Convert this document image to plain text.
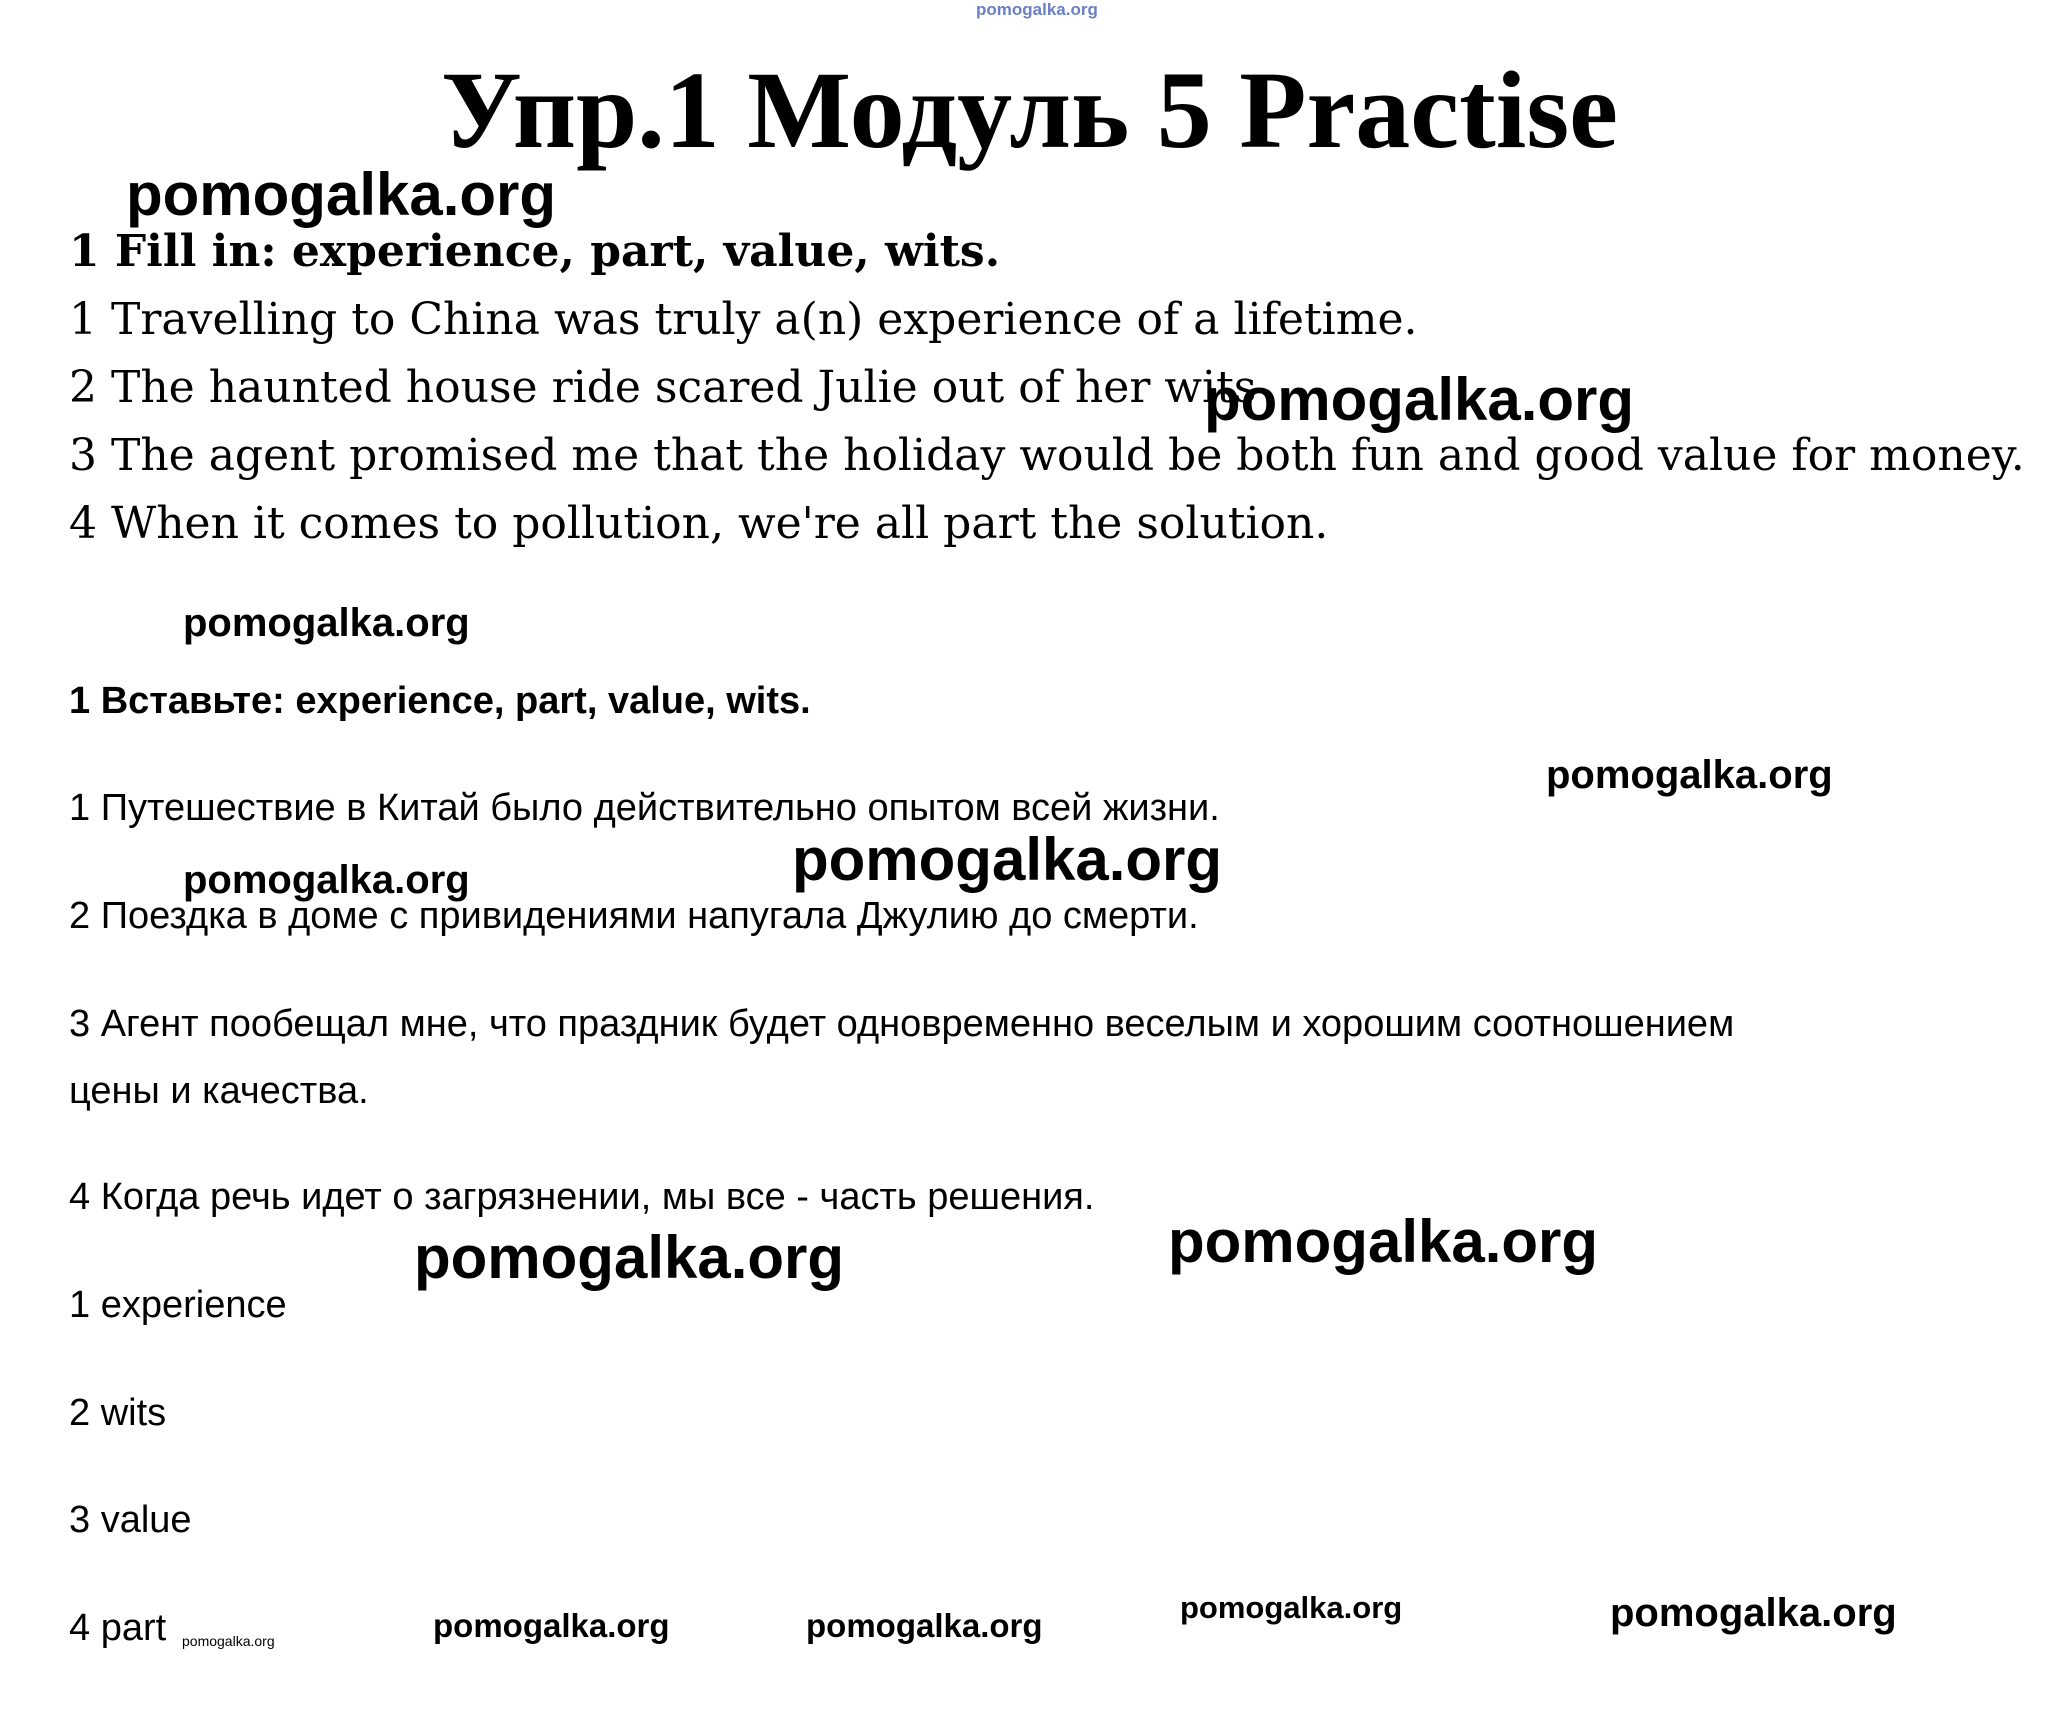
pomogalka.org
Упр.1 Модуль 5 Practise
pomogalka.org
pomogalka.org
pomogalka.org
pomogalka.org	pomogalka.org
1 Fill in: experience, part, value, wits.
1 Travelling to China was truly a(n) experience of a lifetime.
2 The haunted house ride scared Julie out of her wits
3 The agent promised me that the holiday would be both fun and good value for money.
4 When it comes to pollution, we're all part the solution.
pomogalka.org
1 Вставьте: experience, part, value, wits.
pomogalka.org
1 Путешествие в Китай было действительно опытом всей жизни.
pomogalka.org
2 Поездка в доме с привидениями напугала Джулию до смерти.
3 Агент пообещал мне, что праздник будет одновременно веселым и хорошим соотношением
цены и качества.
4 Когда речь идет о загрязнении, мы все - часть решения.
1 experience
2 wits
3 value
4 part pomogalka.org	pomogalka.org	pomogalka.org	pomogalka.org	pomogalka.org
